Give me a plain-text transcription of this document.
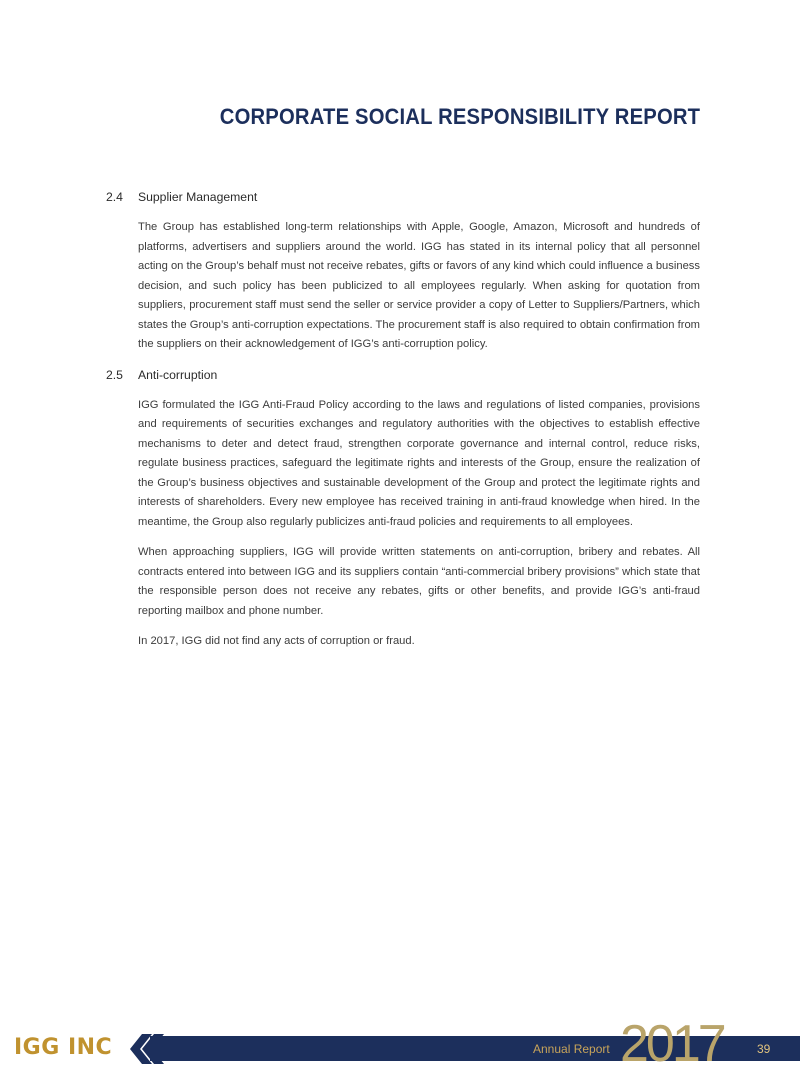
CORPORATE SOCIAL RESPONSIBILITY REPORT
2.4	Supplier Management

The Group has established long-term relationships with Apple, Google, Amazon, Microsoft and hundreds of platforms, advertisers and suppliers around the world. IGG has stated in its internal policy that all personnel acting on the Group’s behalf must not receive rebates, gifts or favors of any kind which could influence a business decision, and such policy has been publicized to all employees regularly. When asking for quotation from suppliers, procurement staff must send the seller or service provider a copy of Letter to Suppliers/Partners, which states the Group’s anti-corruption expectations. The procurement staff is also required to obtain confirmation from the suppliers on their acknowledgement of IGG’s anti-corruption policy.

2.5	Anti-corruption

IGG formulated the IGG Anti-Fraud Policy according to the laws and regulations of listed companies, provisions and requirements of securities exchanges and regulatory authorities with the objectives to establish effective mechanisms to deter and detect fraud, strengthen corporate governance and internal control, reduce risks, regulate business practices, safeguard the legitimate rights and interests of the Group, ensure the realization of the Group’s business objectives and sustainable development of the Group and protect the legitimate rights and interests of shareholders. Every new employee has received training in anti-fraud knowledge when hired. In the meantime, the Group also regularly publicizes anti-fraud policies and requirements to all employees.

When approaching suppliers, IGG will provide written statements on anti-corruption, bribery and rebates. All contracts entered into between IGG and its suppliers contain “anti-commercial bribery provisions” which state that the responsible person does not receive any rebates, gifts or other benefits, and provide IGG’s anti-fraud reporting mailbox and phone number.

In 2017, IGG did not find any acts of corruption or fraud.

IGG INC	Annual Report 2017	39
